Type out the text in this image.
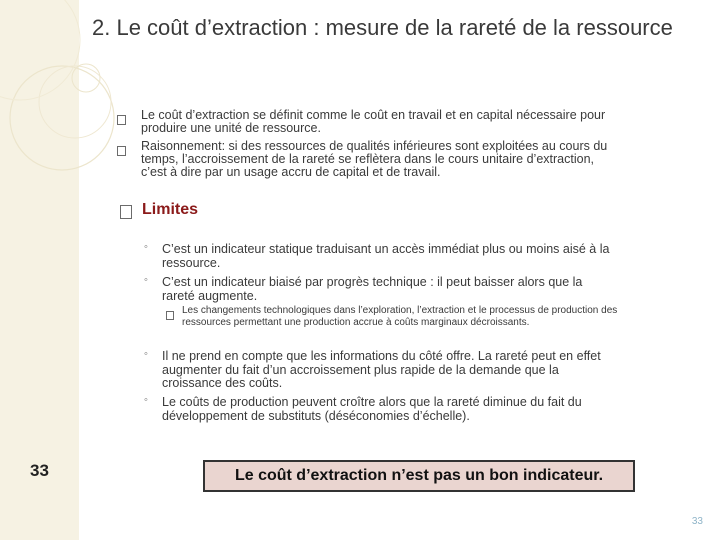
2. Le coût d’extraction : mesure de la rareté de la ressource
Le coût d’extraction se définit comme le coût en travail et en capital nécessaire pour
produire une unité de ressource.
Raisonnement: si des ressources de qualités inférieures sont exploitées au cours du
temps, l’accroissement de la rareté se reflètera dans le cours unitaire d’extraction,
c’est à dire par un usage accru de capital et de travail.
Limites
◦ C’est un indicateur statique traduisant un accès immédiat plus ou moins aisé à la
ressource.
◦ C’est un indicateur biaisé par progrès technique : il peut baisser alors que la
rareté augmente.
Les changements technologiques dans l’exploration, l’extraction et le processus de production des
ressources permettant une production accrue à coûts marginaux décroissants.
◦ Il ne prend en compte que les informations du côté offre. La rareté peut en effet
augmenter du fait d’un accroissement plus rapide de la demande que la
croissance des coûts.
◦ Le coûts de production peuvent croître alors que la rareté diminue du fait du
développement de substituts (déséconomies d’échelle).
33	Le coût d’extraction n’est pas un bon indicateur.
33
